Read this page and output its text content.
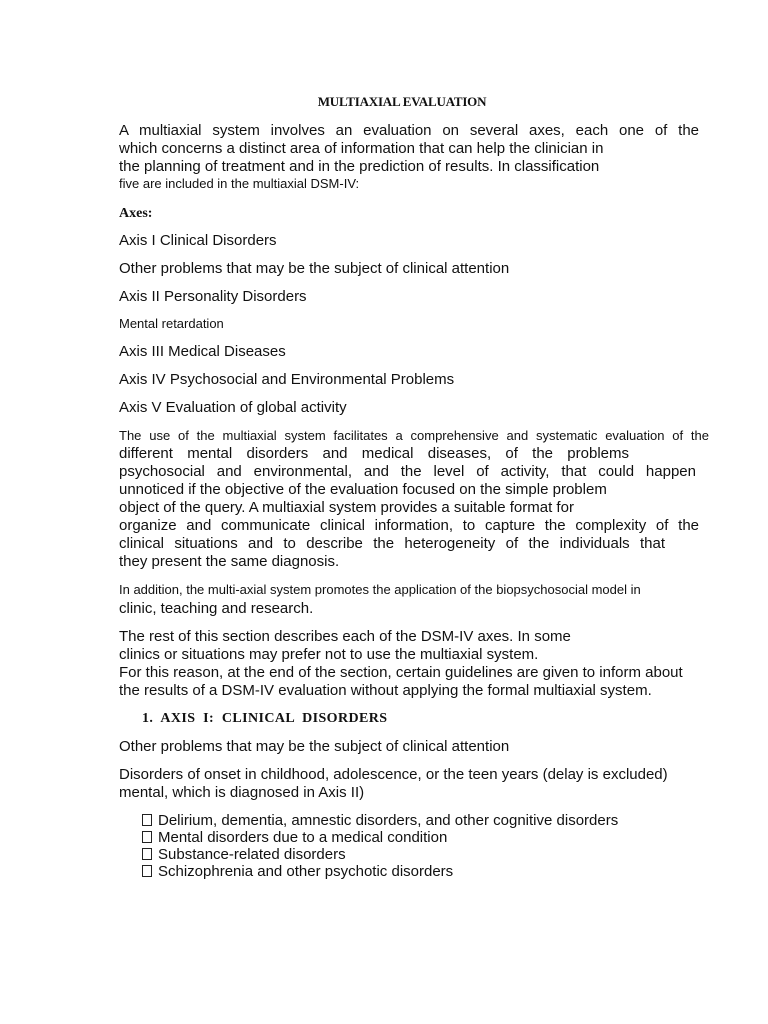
MULTIAXIAL EVALUATION
A multiaxial system involves an evaluation on several axes, each one of the
which concerns a distinct area of information that can help the clinician in
the planning of treatment and in the prediction of results. In classification
five are included in the multiaxial DSM-IV:
Axes:
Axis I Clinical Disorders
Other problems that may be the subject of clinical attention
Axis II Personality Disorders
Mental retardation
Axis III Medical Diseases
Axis IV Psychosocial and Environmental Problems
Axis V Evaluation of global activity
The use of the multiaxial system facilitates a comprehensive and systematic evaluation of the
different mental disorders and medical diseases, of the problems
psychosocial and environmental, and the level of activity, that could happen
unnoticed if the objective of the evaluation focused on the simple problem
object of the query. A multiaxial system provides a suitable format for
organize and communicate clinical information, to capture the complexity of the
clinical situations and to describe the heterogeneity of the individuals that
they present the same diagnosis.
In addition, the multi-axial system promotes the application of the biopsychosocial model in
clinic, teaching and research.
The rest of this section describes each of the DSM-IV axes. In some
clinics or situations may prefer not to use the multiaxial system.
For this reason, at the end of the section, certain guidelines are given to inform about
the results of a DSM-IV evaluation without applying the formal multiaxial system.
1.  AXIS  I:  CLINICAL  DISORDERS
Other problems that may be the subject of clinical attention
Disorders of onset in childhood, adolescence, or the teen years (delay is excluded)
mental, which is diagnosed in Axis II)
Delirium, dementia, amnestic disorders, and other cognitive disorders
Mental disorders due to a medical condition
Substance-related disorders
Schizophrenia and other psychotic disorders
